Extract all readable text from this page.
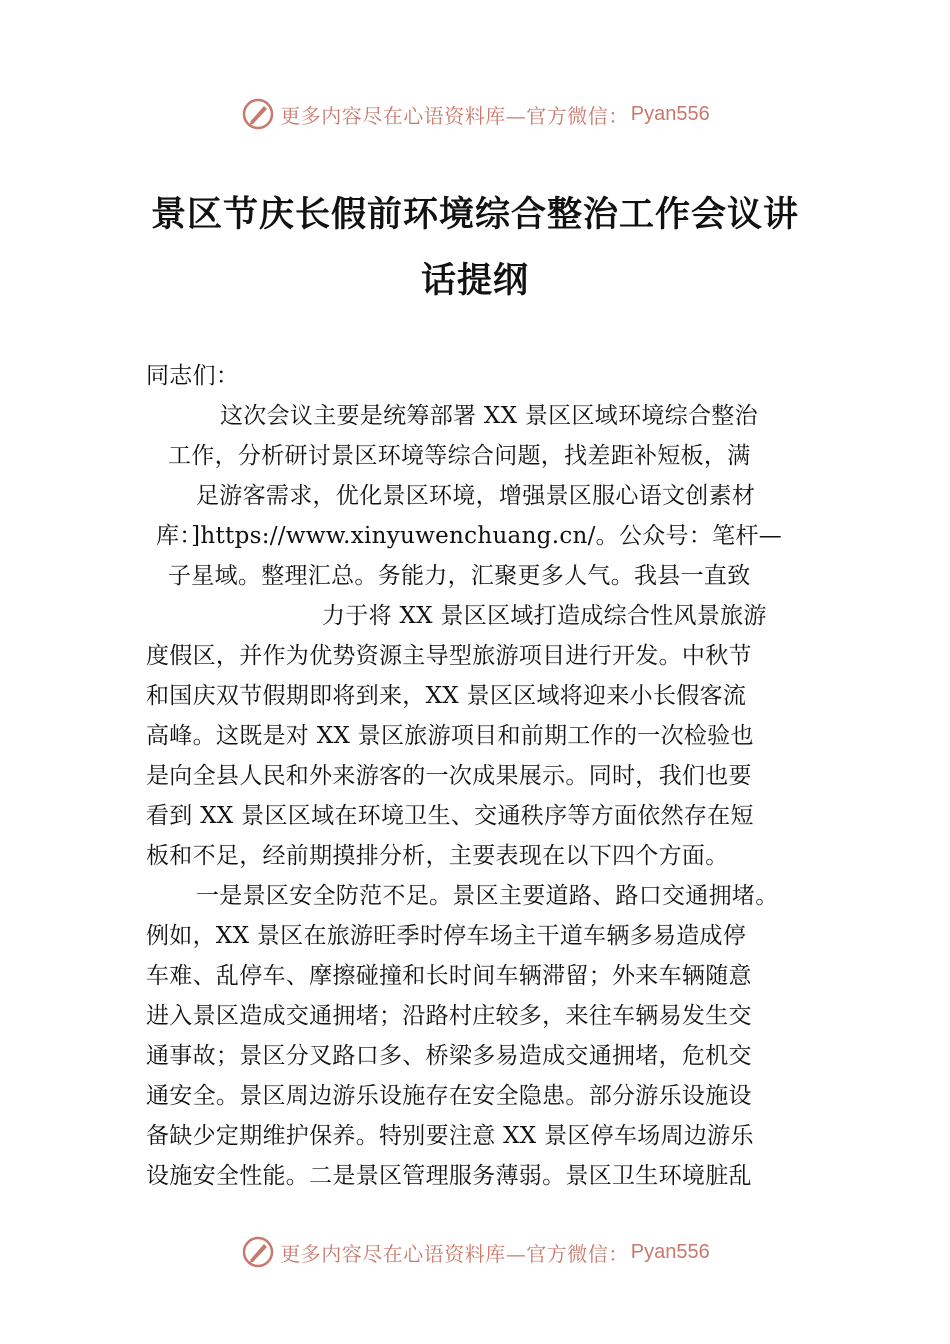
更多内容尽在心语资料库—官方微信： Pyan556
景区节庆长假前环境综合整治工作会议讲
话提纲
同志们：
这次会议主要是统筹部署 XX 景区区域环境综合整治
工作，分析研讨景区环境等综合问题，找差距补短板，满
足游客需求，优化景区环境，增强景区服心语文创素材
库：]https://www.xinyuwenchuang.cn/。公众号：笔杆—
子星域。整理汇总。务能力，汇聚更多人气。我县一直致
力于将 XX 景区区域打造成综合性风景旅游
度假区，并作为优势资源主导型旅游项目进行开发。中秋节
和国庆双节假期即将到来，XX 景区区域将迎来小长假客流
高峰。这既是对 XX 景区旅游项目和前期工作的一次检验也
是向全县人民和外来游客的一次成果展示。同时，我们也要
看到 XX 景区区域在环境卫生、交通秩序等方面依然存在短
板和不足，经前期摸排分析，主要表现在以下四个方面。
一是景区安全防范不足。景区主要道路、路口交通拥堵。
例如，XX 景区在旅游旺季时停车场主干道车辆多易造成停
车难、乱停车、摩擦碰撞和长时间车辆滞留；外来车辆随意
进入景区造成交通拥堵；沿路村庄较多，来往车辆易发生交
通事故；景区分叉路口多、桥梁多易造成交通拥堵，危机交
通安全。景区周边游乐设施存在安全隐患。部分游乐设施设
备缺少定期维护保养。特别要注意 XX 景区停车场周边游乐
设施安全性能。二是景区管理服务薄弱。景区卫生环境脏乱
更多内容尽在心语资料库—官方微信： Pyan556
